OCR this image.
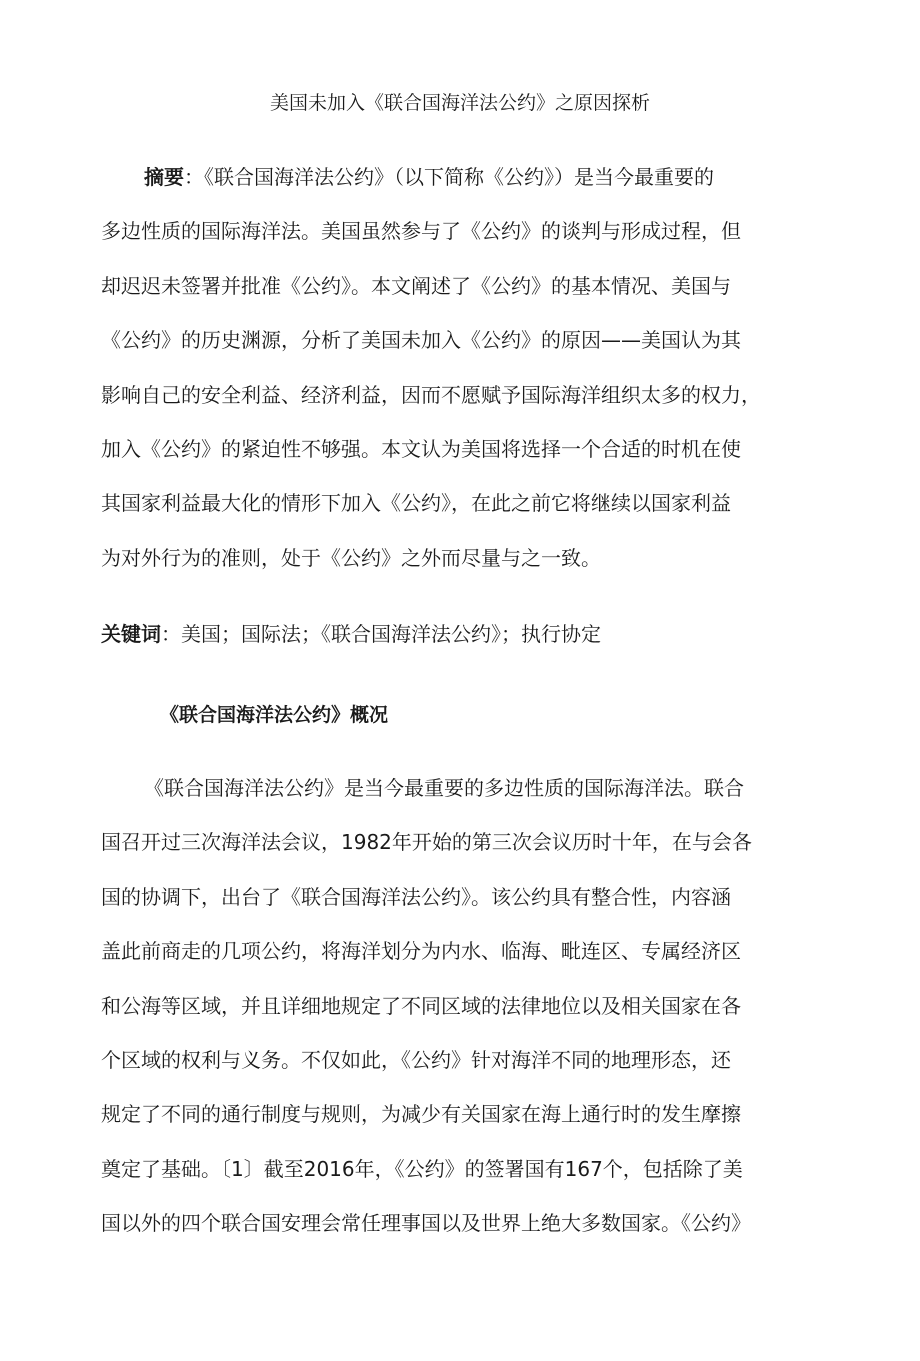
美国未加入《联合国海洋法公约》之原因探析
摘要：《联合国海洋法公约》（以下简称《公约》）是当今最重要的
多边性质的国际海洋法。美国虽然参与了《公约》的谈判与形成过程，但
却迟迟未签署并批准《公约》。本文阐述了《公约》的基本情况、美国与
《公约》的历史渊源，分析了美国未加入《公约》的原因——美国认为其
影响自己的安全利益、经济利益，因而不愿赋予国际海洋组织太多的权力，
加入《公约》的紧迫性不够强。本文认为美国将选择一个合适的时机在使
其国家利益最大化的情形下加入《公约》，在此之前它将继续以国家利益
为对外行为的准则，处于《公约》之外而尽量与之一致。
关键词：美国；国际法；《联合国海洋法公约》；执行协定
《联合国海洋法公约》概况
《联合国海洋法公约》是当今最重要的多边性质的国际海洋法。联合
国召开过三次海洋法会议，1982年开始的第三次会议历时十年，在与会各
国的协调下，出台了《联合国海洋法公约》。该公约具有整合性，内容涵
盖此前商走的几项公约，将海洋划分为内水、临海、毗连区、专属经济区
和公海等区域，并且详细地规定了不同区域的法律地位以及相关国家在各
个区域的权利与义务。不仅如此，《公约》针对海洋不同的地理形态，还
规定了不同的通行制度与规则，为减少有关国家在海上通行时的发生摩擦
奠定了基础。〔1〕截至2016年，《公约》的签署国有167个，包括除了美
国以外的四个联合国安理会常任理事国以及世界上绝大多数国家。《公约》
